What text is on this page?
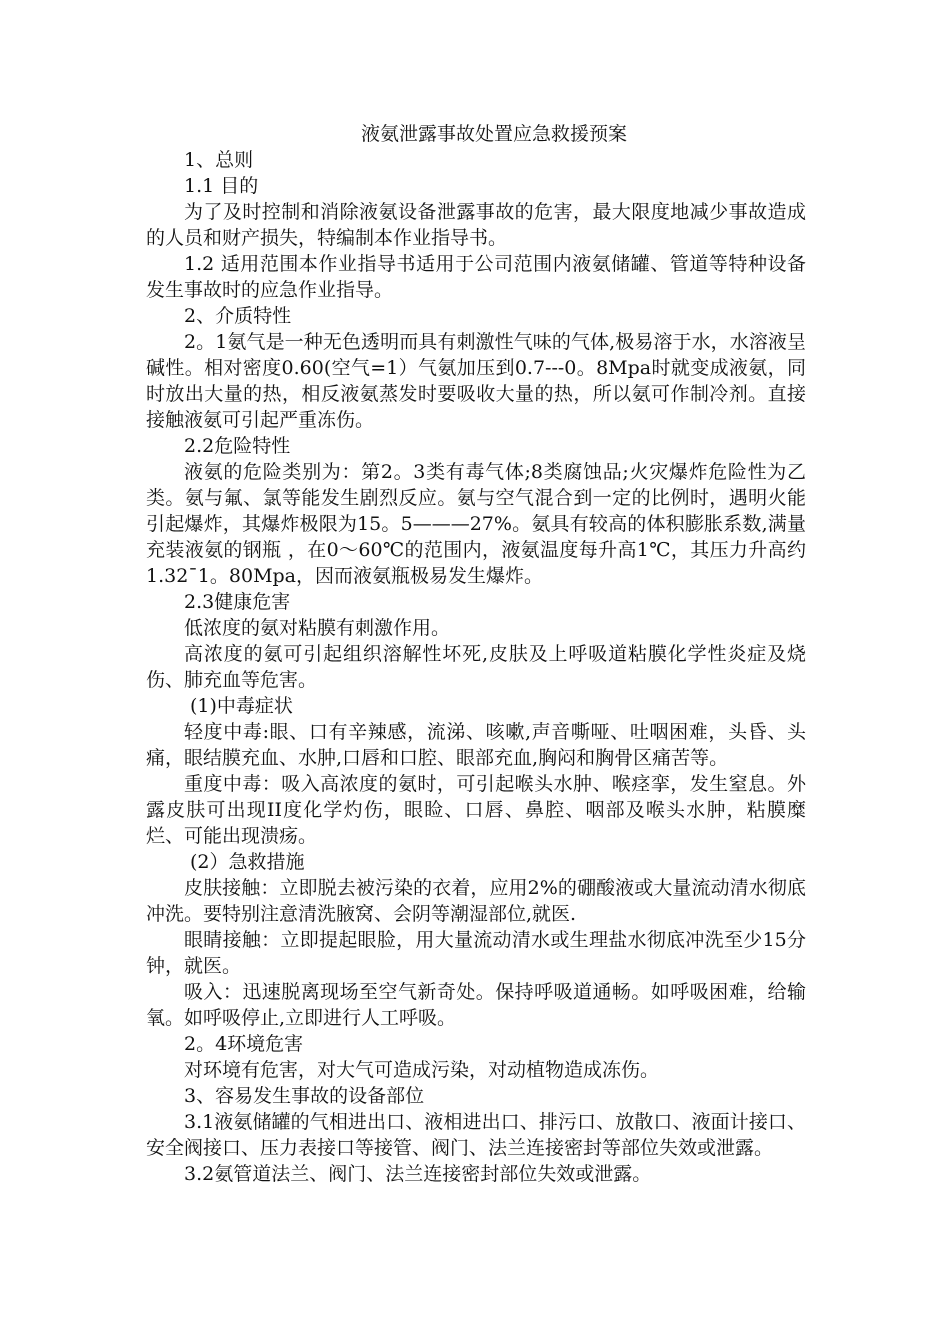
液氨泄露事故处置应急救援预案

1、总则

1.1 目的

为了及时控制和消除液氨设备泄露事故的危害，最大限度地减少事故造成的人员和财产损失，特编制本作业指导书。

1.2 适用范围本作业指导书适用于公司范围内液氨储罐、管道等特种设备发生事故时的应急作业指导。

2、介质特性

2。1氨气是一种无色透明而具有刺激性气味的气体,极易溶于水，水溶液呈碱性。相对密度0.60(空气=1）气氨加压到0.7---0。8Mpa时就变成液氨，同时放出大量的热，相反液氨蒸发时要吸收大量的热，所以氨可作制冷剂。直接接触液氨可引起严重冻伤。

2.2危险特性

液氨的危险类别为：第2。3类有毒气体;8类腐蚀品;火灾爆炸危险性为乙类。氨与氟、氯等能发生剧烈反应。氨与空气混合到一定的比例时，遇明火能引起爆炸，其爆炸极限为15。5———27%。氨具有较高的体积膨胀系数,满量充装液氨的钢瓶 ，在0～60℃的范围内，液氨温度每升高1℃，其压力升高约1.32¯1。80Mpa，因而液氨瓶极易发生爆炸。

2.3健康危害

低浓度的氨对粘膜有刺激作用。

高浓度的氨可引起组织溶解性坏死,皮肤及上呼吸道粘膜化学性炎症及烧伤、肺充血等危害。

(1)中毒症状

轻度中毒:眼、口有辛辣感，流涕、咳嗽,声音嘶哑、吐咽困难，头昏、头痛，眼结膜充血、水肿,口唇和口腔、眼部充血,胸闷和胸骨区痛苦等。

重度中毒：吸入高浓度的氨时，可引起喉头水肿、喉痉挛，发生窒息。外露皮肤可出现II度化学灼伤，眼睑、口唇、鼻腔、咽部及喉头水肿，粘膜糜烂、可能出现溃疡。

(2）急救措施

皮肤接触：立即脱去被污染的衣着，应用2%的硼酸液或大量流动清水彻底冲洗。要特别注意清洗腋窝、会阴等潮湿部位,就医.

眼睛接触：立即提起眼脸，用大量流动清水或生理盐水彻底冲洗至少15分钟，就医。

吸入：迅速脱离现场至空气新奇处。保持呼吸道通畅。如呼吸困难，给输氧。如呼吸停止,立即进行人工呼吸。

2。4环境危害

对环境有危害，对大气可造成污染，对动植物造成冻伤。

3、容易发生事故的设备部位

3.1液氨储罐的气相进出口、液相进出口、排污口、放散口、液面计接口、安全阀接口、压力表接口等接管、阀门、法兰连接密封等部位失效或泄露。

3.2氨管道法兰、阀门、法兰连接密封部位失效或泄露。
